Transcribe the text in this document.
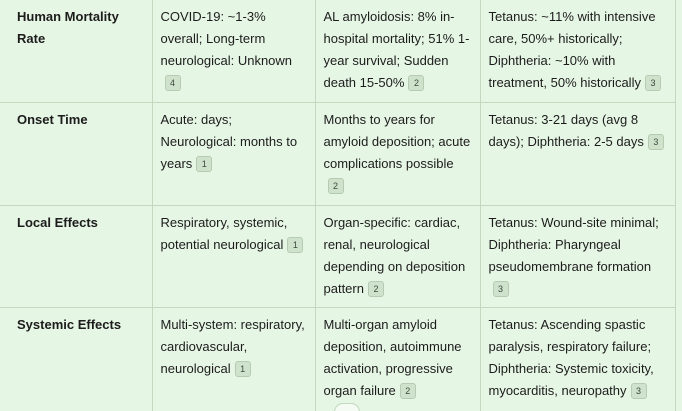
Human Mortality Rate	COVID-19: ~1-3% overall; Long-term neurological: Unknown4	AL amyloidosis: 8% in-hospital mortality; 51% 1-year survival; Sudden death 15-50% 2	Tetanus: ~11% with intensive care, 50%+ historically; Diphtheria: ~10% with treatment, 50% historically 3
Onset Time	Acute: days; Neurological: months to years 1	Months to years for amyloid deposition; acute complications possible2	Tetanus: 3-21 days (avg 8 days); Diphtheria: 2-5 days 3
Local Effects	Respiratory, systemic, potential neurological 1	Organ-specific: cardiac, renal, neurological depending on deposition pattern 2	Tetanus: Wound-site minimal; Diphtheria: Pharyngeal pseudomembrane formation3
Systemic Effects	Multi-system: respiratory, cardiovascular, neurological 1	Multi-organ amyloid deposition, autoimmune activation, progressive organ failure 2	Tetanus: Ascending spastic paralysis, respiratory failure; Diphtheria: Systemic toxicity, myocarditis, neuropathy 3
